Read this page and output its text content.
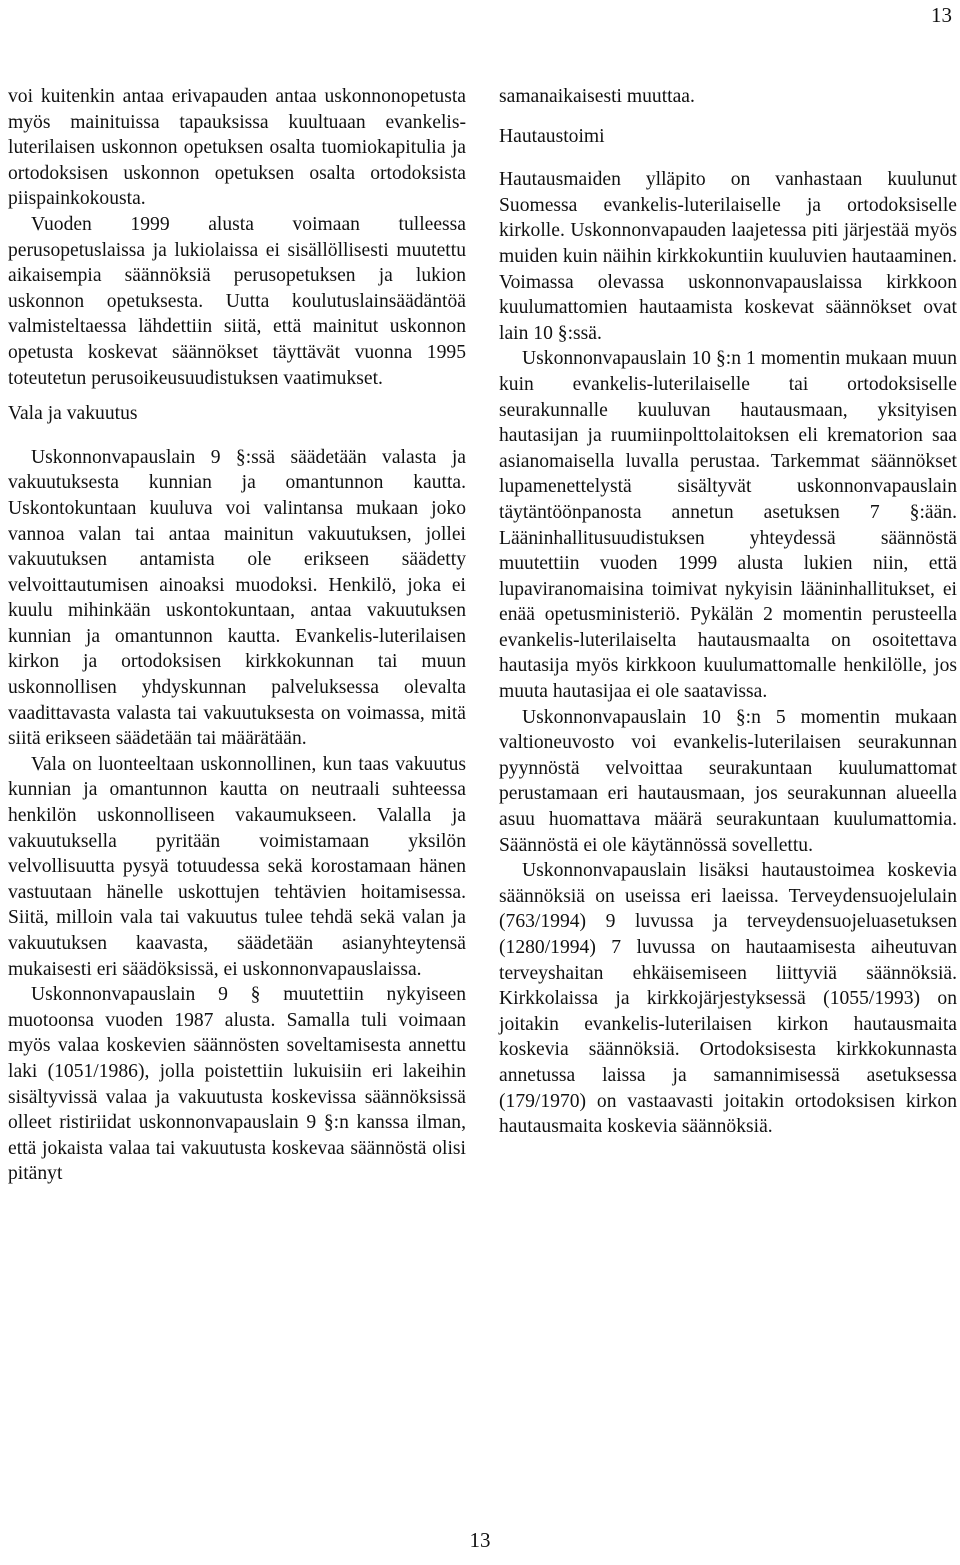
13

voi kuitenkin antaa erivapauden antaa uskonnonopetusta myös mainituissa tapauksissa kuultuaan evankelis-luterilaisen uskonnon opetuksen osalta tuomiokapitulia ja ortodoksisen uskonnon opetuksen osalta ortodoksista piispainkokousta.

Vuoden 1999 alusta voimaan tulleessa perusopetuslaissa ja lukiolaissa ei sisällöllisesti muutettu aikaisempia säännöksiä perusopetuksen ja lukion uskonnon opetuksesta. Uutta koulutuslainsäädäntöä valmisteltaessa lähdettiin siitä, että mainitut uskonnon opetusta koskevat säännökset täyttävät vuonna 1995 toteutetun perusoikeusuudistuksen vaatimukset.

Vala ja vakuutus

Uskonnonvapauslain 9 §:ssä säädetään valasta ja vakuutuksesta kunnian ja omantunnon kautta. Uskontokuntaan kuuluva voi valintansa mukaan joko vannoa valan tai antaa mainitun vakuutuksen, jollei vakuutuksen antamista ole erikseen säädetty velvoittautumisen ainoaksi muodoksi. Henkilö, joka ei kuulu mihinkään uskontokuntaan, antaa vakuutuksen kunnian ja omantunnon kautta. Evankelis-luterilaisen kirkon ja ortodoksisen kirkkokunnan tai muun uskonnollisen yhdyskunnan palveluksessa olevalta vaadittavasta valasta tai vakuutuksesta on voimassa, mitä siitä erikseen säädetään tai määrätään.

Vala on luonteeltaan uskonnollinen, kun taas vakuutus kunnian ja omantunnon kautta on neutraali suhteessa henkilön uskonnolliseen vakaumukseen. Valalla ja vakuutuksella pyritään voimistamaan yksilön velvollisuutta pysyä totuudessa sekä korostamaan hänen vastuutaan hänelle uskottujen tehtävien hoitamisessa. Siitä, milloin vala tai vakuutus tulee tehdä sekä valan ja vakuutuksen kaavasta, säädetään asianyhteytensä mukaisesti eri säädöksissä, ei uskonnonvapauslaissa.

Uskonnonvapauslain 9 § muutettiin nykyiseen muotoonsa vuoden 1987 alusta. Samalla tuli voimaan myös valaa koskevien säännösten soveltamisesta annettu laki (1051/1986), jolla poistettiin lukuisiin eri lakeihin sisältyvissä valaa ja vakuutusta koskevissa säännöksissä olleet ristiriidat uskonnonvapauslain 9 §:n kanssa ilman, että jokaista valaa tai vakuutusta koskevaa säännöstä olisi pitänyt

samanaikaisesti muuttaa.

Hautaustoimi

Hautausmaiden ylläpito on vanhastaan kuulunut Suomessa evankelis-luterilaiselle ja ortodoksiselle kirkolle. Uskonnonvapauden laajetessa piti järjestää myös muiden kuin näihin kirkkokuntiin kuuluvien hautaaminen. Voimassa olevassa uskonnonvapauslaissa kirkkoon kuulumattomien hautaamista koskevat säännökset ovat lain 10 §:ssä.

Uskonnonvapauslain 10 §:n 1 momentin mukaan muun kuin evankelis-luterilaiselle tai ortodoksiselle seurakunnalle kuuluvan hautausmaan, yksityisen hautasijan ja ruumiinpolttolaitoksen eli krematorion saa asianomaisella luvalla perustaa. Tarkemmat säännökset lupamenettelystä sisältyvät uskonnonvapauslain täytäntöönpanosta annetun asetuksen 7 §:ään. Lääninhallitusuudistuksen yhteydessä säännöstä muutettiin vuoden 1999 alusta lukien niin, että lupaviranomaisina toimivat nykyisin lääninhallitukset, ei enää opetusministeriö. Pykälän 2 momentin perusteella evankelis-luterilaiselta hautausmaalta on osoitettava hautasija myös kirkkoon kuulumattomalle henkilölle, jos muuta hautasijaa ei ole saatavissa.

Uskonnonvapauslain 10 §:n 5 momentin mukaan valtioneuvosto voi evankelis-luterilaisen seurakunnan pyynnöstä velvoittaa seurakuntaan kuulumattomat perustamaan eri hautausmaan, jos seurakunnan alueella asuu huomattava määrä seurakuntaan kuulumattomia. Säännöstä ei ole käytännössä sovellettu.

Uskonnonvapauslain lisäksi hautaustoimea koskevia säännöksiä on useissa eri laeissa. Terveydensuojelulain (763/1994) 9 luvussa ja terveydensuojeluasetuksen (1280/1994) 7 luvussa on hautaamisesta aiheutuvan terveyshaitan ehkäisemiseen liittyviä säännöksiä. Kirkkolaissa ja kirkkojärjestyksessä (1055/1993) on joitakin evankelis-luterilaisen kirkon hautausmaita koskevia säännöksiä. Ortodoksisesta kirkkokunnasta annetussa laissa ja samannimisessä asetuksessa (179/1970) on vastaavasti joitakin ortodoksisen kirkon hautausmaita koskevia säännöksiä.

13
